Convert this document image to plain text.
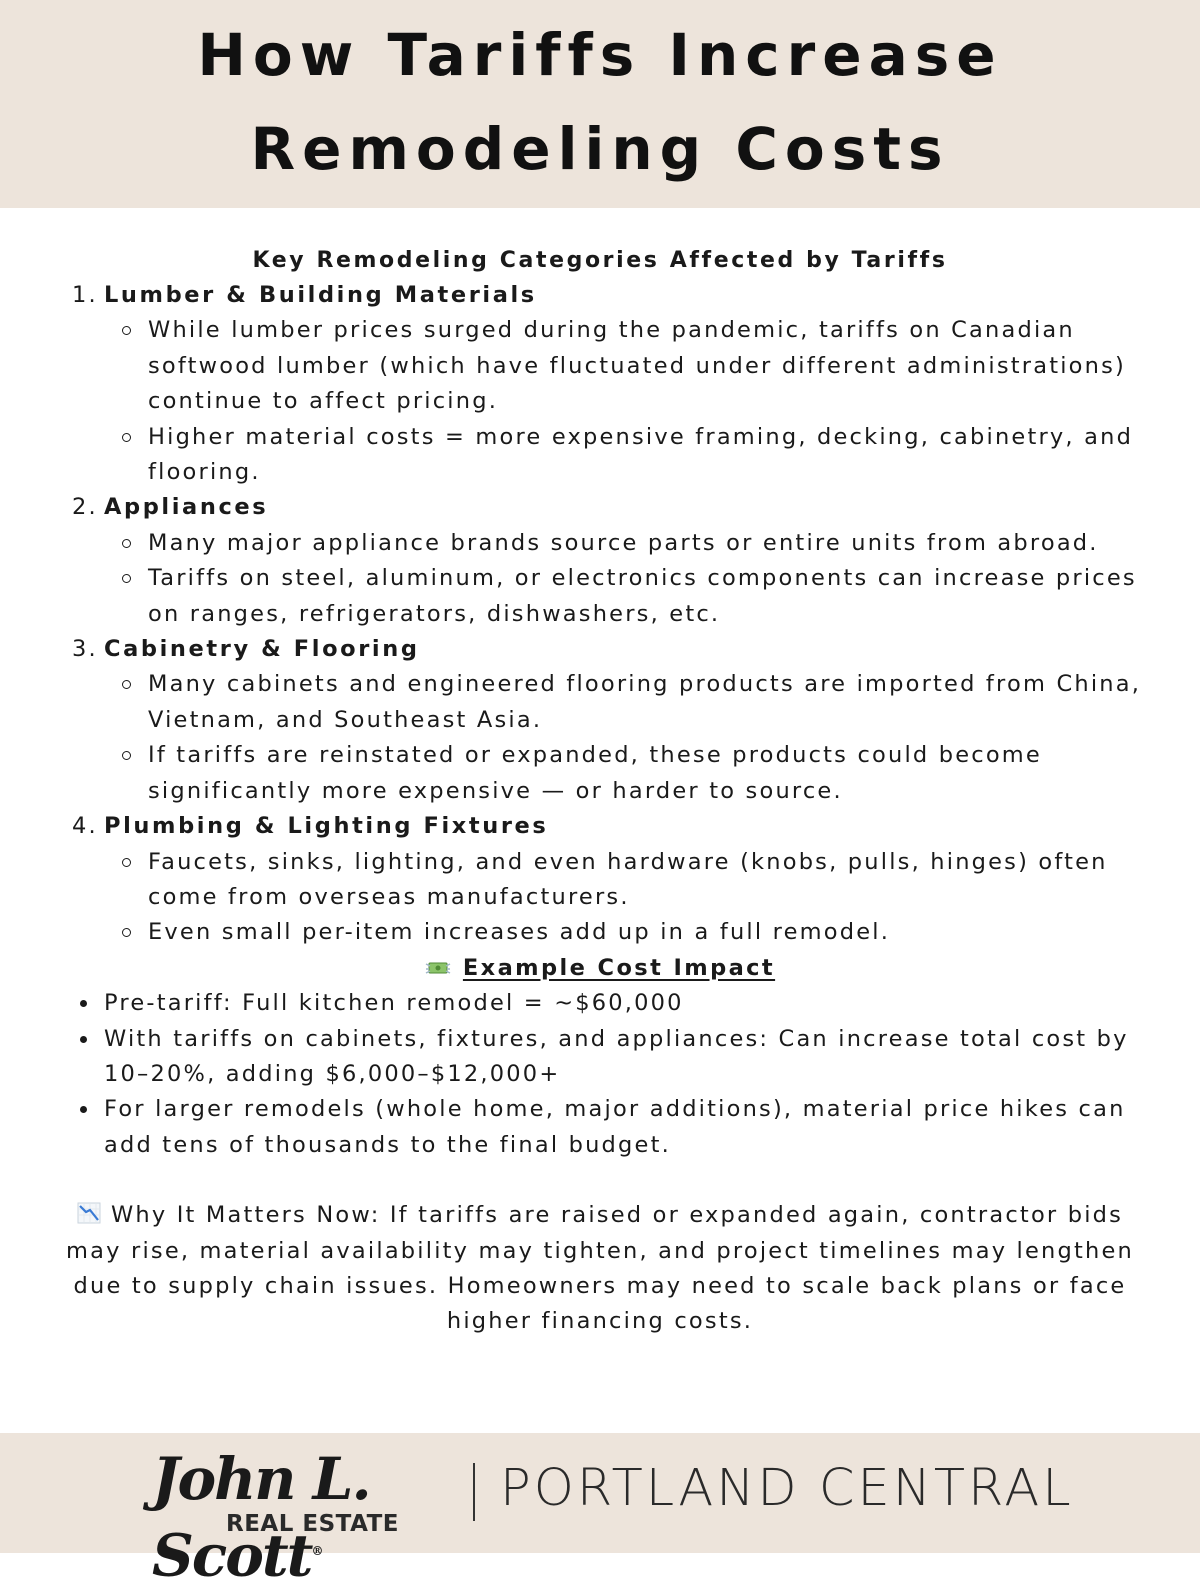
How Tariffs Increase
Remodeling Costs
Key Remodeling Categories Affected by Tariffs
1. Lumber & Building Materials
While lumber prices surged during the pandemic, tariffs on Canadian softwood lumber (which have fluctuated under different administrations) continue to affect pricing.
Higher material costs = more expensive framing, decking, cabinetry, and flooring.
2. Appliances
Many major appliance brands source parts or entire units from abroad.
Tariffs on steel, aluminum, or electronics components can increase prices on ranges, refrigerators, dishwashers, etc.
3. Cabinetry & Flooring
Many cabinets and engineered flooring products are imported from China, Vietnam, and Southeast Asia.
If tariffs are reinstated or expanded, these products could become significantly more expensive — or harder to source.
4. Plumbing & Lighting Fixtures
Faucets, sinks, lighting, and even hardware (knobs, pulls, hinges) often come from overseas manufacturers.
Even small per-item increases add up in a full remodel.
Example Cost Impact
Pre-tariff: Full kitchen remodel = ~$60,000
With tariffs on cabinets, fixtures, and appliances: Can increase total cost by 10–20%, adding $6,000–$12,000+
For larger remodels (whole home, major additions), material price hikes can add tens of thousands to the final budget.
Why It Matters Now: If tariffs are raised or expanded again, contractor bids may rise, material availability may tighten, and project timelines may lengthen due to supply chain issues. Homeowners may need to scale back plans or face higher financing costs.
John L. Scott®
REAL ESTATE
PORTLAND CENTRAL
